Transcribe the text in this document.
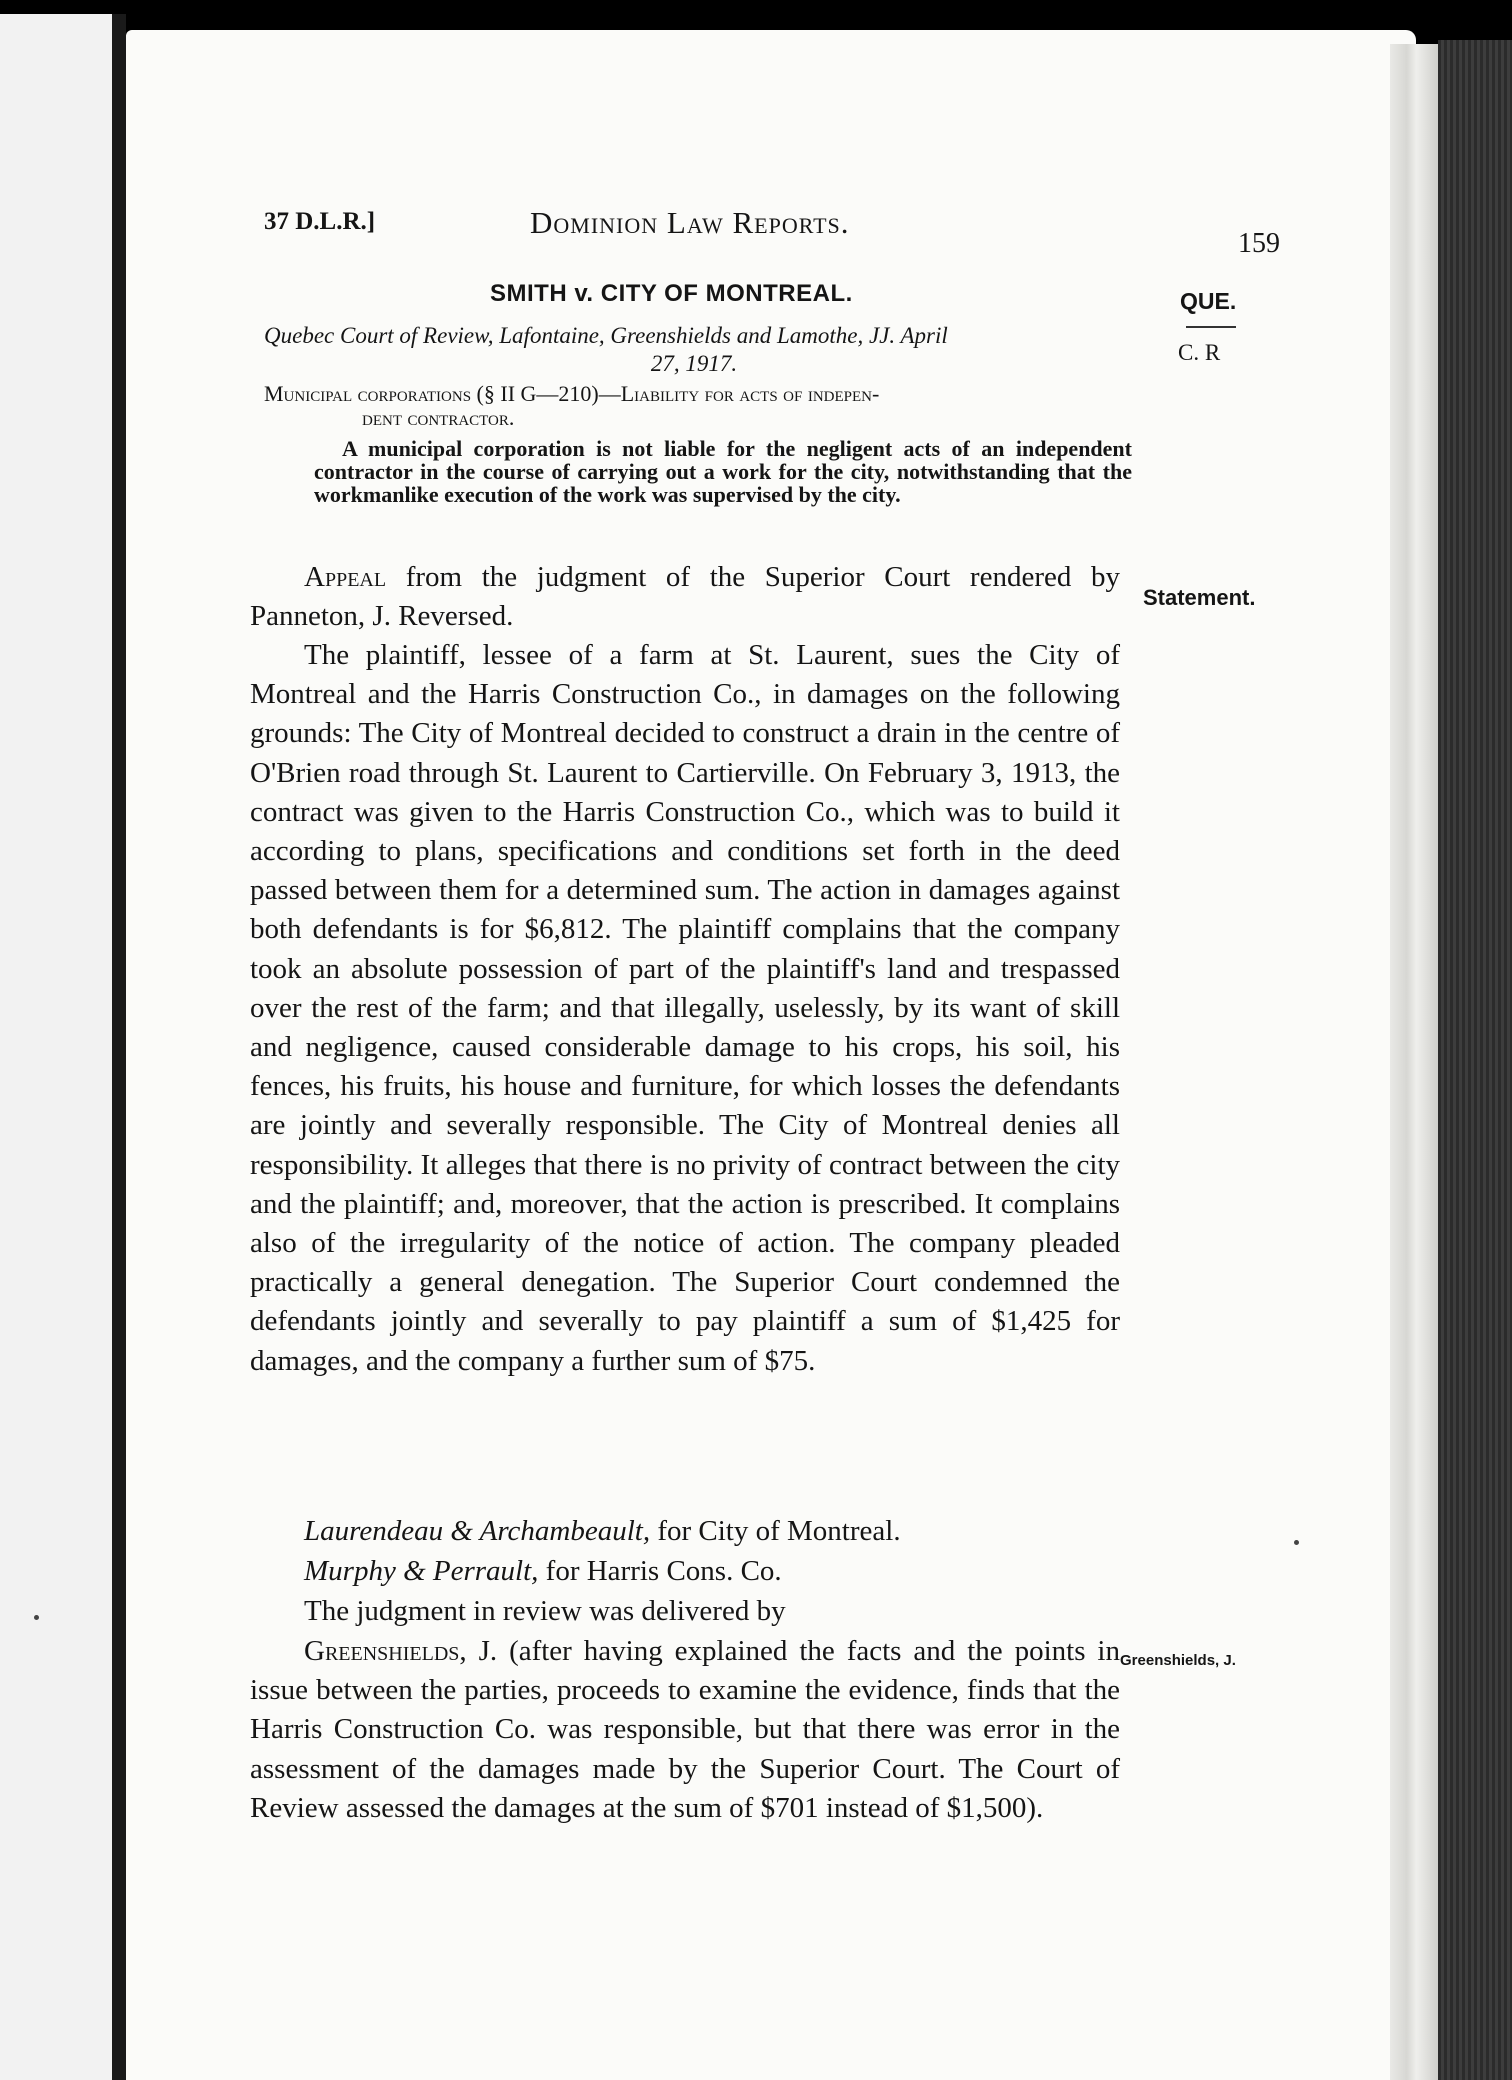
37 D.L.R.]	Dominion Law Reports.
159
SMITH v. CITY OF MONTREAL.	QUE.
C. R
Quebec Court of Review, Lafontaine, Greenshields and Lamothe, JJ. April
27, 1917.
Municipal corporations (§ II G—210)—Liability for acts of indepen-
dent contractor.
A municipal corporation is not liable for the negligent acts of an independent contractor in the course of carrying out a work for the city, notwithstanding that the workmanlike execution of the work was supervised by the city.
Appeal from the judgment of the Superior Court rendered by Panneton, J. Reversed.
Statement.
The plaintiff, lessee of a farm at St. Laurent, sues the City of Montreal and the Harris Construction Co., in damages on the following grounds: The City of Montreal decided to construct a drain in the centre of O'Brien road through St. Laurent to Cartierville. On February 3, 1913, the contract was given to the Harris Construction Co., which was to build it according to plans, specifications and conditions set forth in the deed passed between them for a determined sum. The action in damages against both defendants is for $6,812. The plaintiff complains that the company took an absolute possession of part of the plaintiff's land and trespassed over the rest of the farm; and that illegally, uselessly, by its want of skill and negligence, caused considerable damage to his crops, his soil, his fences, his fruits, his house and furniture, for which losses the defendants are jointly and severally responsible. The City of Montreal denies all responsibility. It alleges that there is no privity of contract between the city and the plaintiff; and, moreover, that the action is prescribed. It complains also of the irregularity of the notice of action. The company pleaded practically a general denegation. The Superior Court condemned the defendants jointly and severally to pay plaintiff a sum of $1,425 for damages, and the company a further sum of $75.
Laurendeau & Archambeault, for City of Montreal.
Murphy & Perrault, for Harris Cons. Co.
The judgment in review was delivered by
Greenshields, J. (after having explained the facts and the points in issue between the parties, proceeds to examine the evidence, finds that the Harris Construction Co. was responsible, but that there was error in the assessment of the damages made by the Superior Court. The Court of Review assessed the damages at the sum of $701 instead of $1,500).
Greenshields, J.
